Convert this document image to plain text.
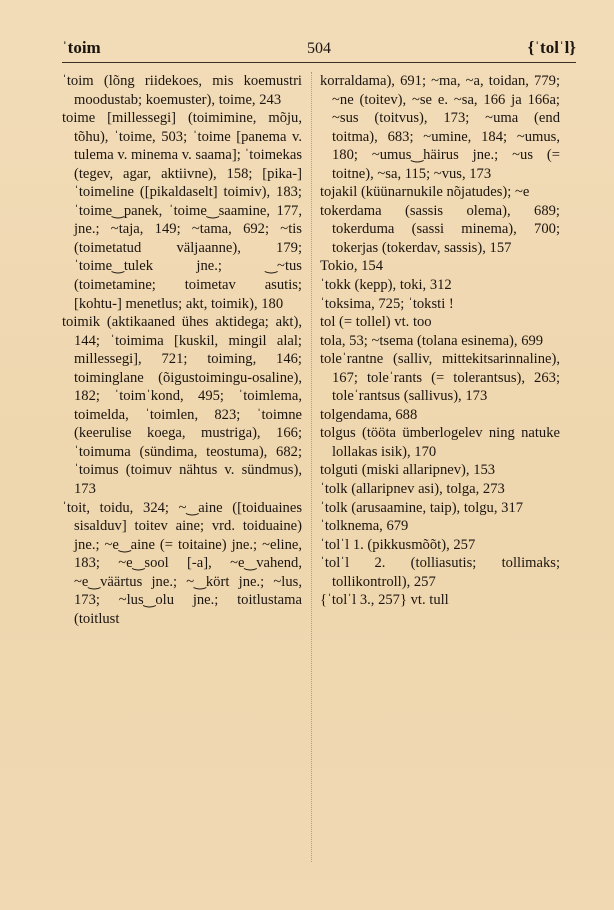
ˈtoim	504	{ˈtolˈl}

ˈtoim (lõng riidekoes, mis koemustri moodustab; koemuster), toime, 243

toime [millessegi] (toimimine, mõju, tõhu), ˈtoime, 503; ˈtoime [panema v. tulema v. minema v. saama]; ˈtoimekas (tegev, agar, aktiivne), 158; [pika-] ˈtoimeline ([pikaldaselt] toimiv), 183; ˈtoime‿panek, ˈtoime‿saamine, 177, jne.; ~taja, 149; ~tama, 692; ~tis (toimetatud väljaanne), 179; ˈtoime‿tulek jne.; ‿~tus (toimetamine; toimetav asutis; [kohtu-] menetlus; akt, toimik), 180

toimik (aktikaaned ühes aktidega; akt), 144; ˈtoimima [kuskil, mingil alal; millessegi], 721; toiming, 146; toiminglane (õigustoimingu-osaline), 182; ˈtoimˈkond, 495; ˈtoimlema, toimelda, ˈtoimlen, 823; ˈtoimne (keerulise koega, mustriga), 166; ˈtoimuma (sündima, teostuma), 682; ˈtoimus (toimuv nähtus v. sündmus), 173

ˈtoit, toidu, 324; ~‿aine ([toiduaines sisalduv] toitev aine; vrd. toiduaine) jne.; ~e‿aine (= toitaine) jne.; ~eline, 183; ~e‿sool [-a], ~e‿vahend, ~e‿väärtus jne.; ~‿kört jne.; ~lus, 173; ~lus‿olu jne.; toitlustama (toitlust

korraldama), 691; ~ma, ~a, toidan, 779; ~ne (toitev), ~se e. ~sa, 166 ja 166a; ~sus (toitvus), 173; ~uma (end toitma), 683; ~umine, 184; ~umus, 180; ~umus‿häirus jne.; ~us (= toitne), ~sa, 115; ~vus, 173

tojakil (küünarnukile nõjatudes); ~e

tokerdama (sassis olema), 689; tokerduma (sassi minema), 700; tokerjas (tokerdav, sassis), 157

Tokio, 154

ˈtokk (kepp), toki, 312

ˈtoksima, 725; ˈtoksti !

tol (= tollel) vt. too

tola, 53; ~tsema (tolana esinema), 699

toleˈrantne (salliv, mittekitsarinnaline), 167; toleˈrants (= tolerantsus), 263; toleˈrantsus (sallivus), 173

tolgendama, 688

tolgus (tööta ümberlogelev ning natuke lollakas isik), 170

tolguti (miski allaripnev), 153

ˈtolk (allaripnev asi), tolga, 273

ˈtolk (arusaamine, taip), tolgu, 317

ˈtolknema, 679

ˈtolˈl 1. (pikkusmõõt), 257

ˈtolˈl 2. (tolliasutis; tollimaks; tollikontroll), 257

{ˈtolˈl 3., 257} vt. tull
